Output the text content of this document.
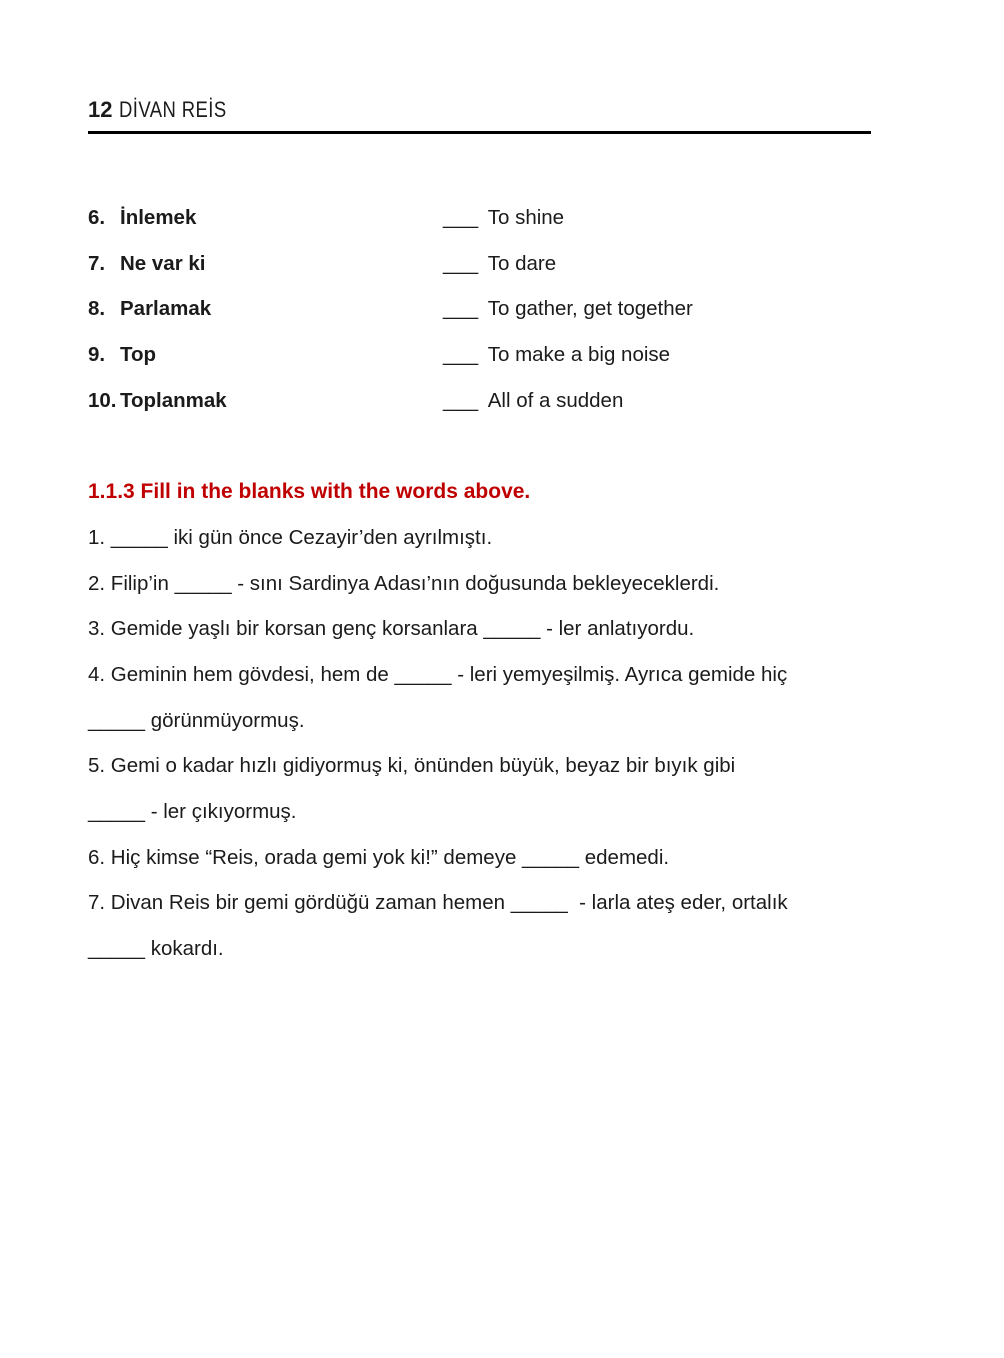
12 DİVAN REİS
6. İnlemek	___ To shine
7. Ne var ki	___ To dare
8. Parlamak	___ To gather, get together
9. Top	___ To make a big noise
10. Toplanmak	___ All of a sudden
1.1.3 Fill in the blanks with the words above.
1. _____ iki gün önce Cezayir’den ayrılmıştı.
2. Filip’in _____ - sını Sardinya Adası’nın doğusunda bekleyeceklerdi.
3. Gemide yaşlı bir korsan genç korsanlara _____ - ler anlatıyordu.
4. Geminin hem gövdesi, hem de _____ - leri yemyeşilmiş. Ayrıca gemide hiç
_____ görünmüyormuş.
5. Gemi o kadar hızlı gidiyormuş ki, önünden büyük, beyaz bir bıyık gibi
_____ - ler çıkıyormuş.
6. Hiç kimse “Reis, orada gemi yok ki!” demeye _____ edemedi.
7. Divan Reis bir gemi gördüğü zaman hemen _____  - larla ateş eder, ortalık
_____ kokardı.
